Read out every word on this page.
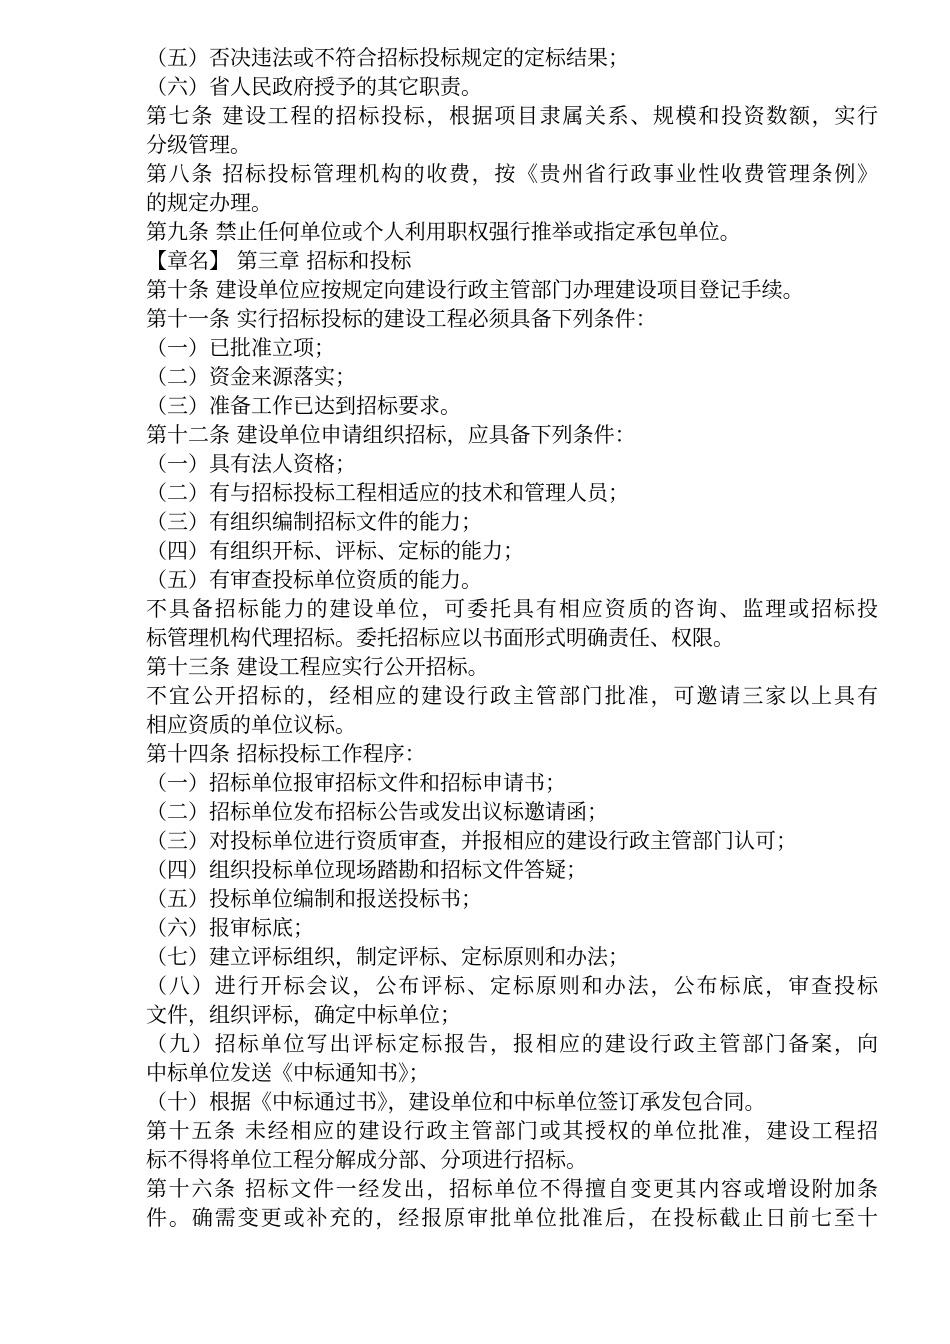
（五）否决违法或不符合招标投标规定的定标结果；
（六）省人民政府授予的其它职责。
第七条 建设工程的招标投标，根据项目隶属关系、规模和投资数额，实行
分级管理。
第八条 招标投标管理机构的收费，按《贵州省行政事业性收费管理条例》
的规定办理。
第九条 禁止任何单位或个人利用职权强行推举或指定承包单位。
【章名】 第三章 招标和投标
第十条 建设单位应按规定向建设行政主管部门办理建设项目登记手续。
第十一条 实行招标投标的建设工程必须具备下列条件：
（一）已批准立项；
（二）资金来源落实；
（三）准备工作已达到招标要求。
第十二条 建设单位申请组织招标，应具备下列条件：
（一）具有法人资格；
（二）有与招标投标工程相适应的技术和管理人员；
（三）有组织编制招标文件的能力；
（四）有组织开标、评标、定标的能力；
（五）有审查投标单位资质的能力。
不具备招标能力的建设单位，可委托具有相应资质的咨询、监理或招标投
标管理机构代理招标。委托招标应以书面形式明确责任、权限。
第十三条 建设工程应实行公开招标。
不宜公开招标的，经相应的建设行政主管部门批准，可邀请三家以上具有
相应资质的单位议标。
第十四条 招标投标工作程序：
（一）招标单位报审招标文件和招标申请书；
（二）招标单位发布招标公告或发出议标邀请函；
（三）对投标单位进行资质审查，并报相应的建设行政主管部门认可；
（四）组织投标单位现场踏勘和招标文件答疑；
（五）投标单位编制和报送投标书；
（六）报审标底；
（七）建立评标组织，制定评标、定标原则和办法；
（八）进行开标会议，公布评标、定标原则和办法，公布标底，审查投标
文件，组织评标，确定中标单位；
（九）招标单位写出评标定标报告，报相应的建设行政主管部门备案，向
中标单位发送《中标通知书》；
（十）根据《中标通过书》，建设单位和中标单位签订承发包合同。
第十五条 未经相应的建设行政主管部门或其授权的单位批准，建设工程招
标不得将单位工程分解成分部、分项进行招标。
第十六条 招标文件一经发出，招标单位不得擅自变更其内容或增设附加条
件。确需变更或补充的，经报原审批单位批准后，在投标截止日前七至十
